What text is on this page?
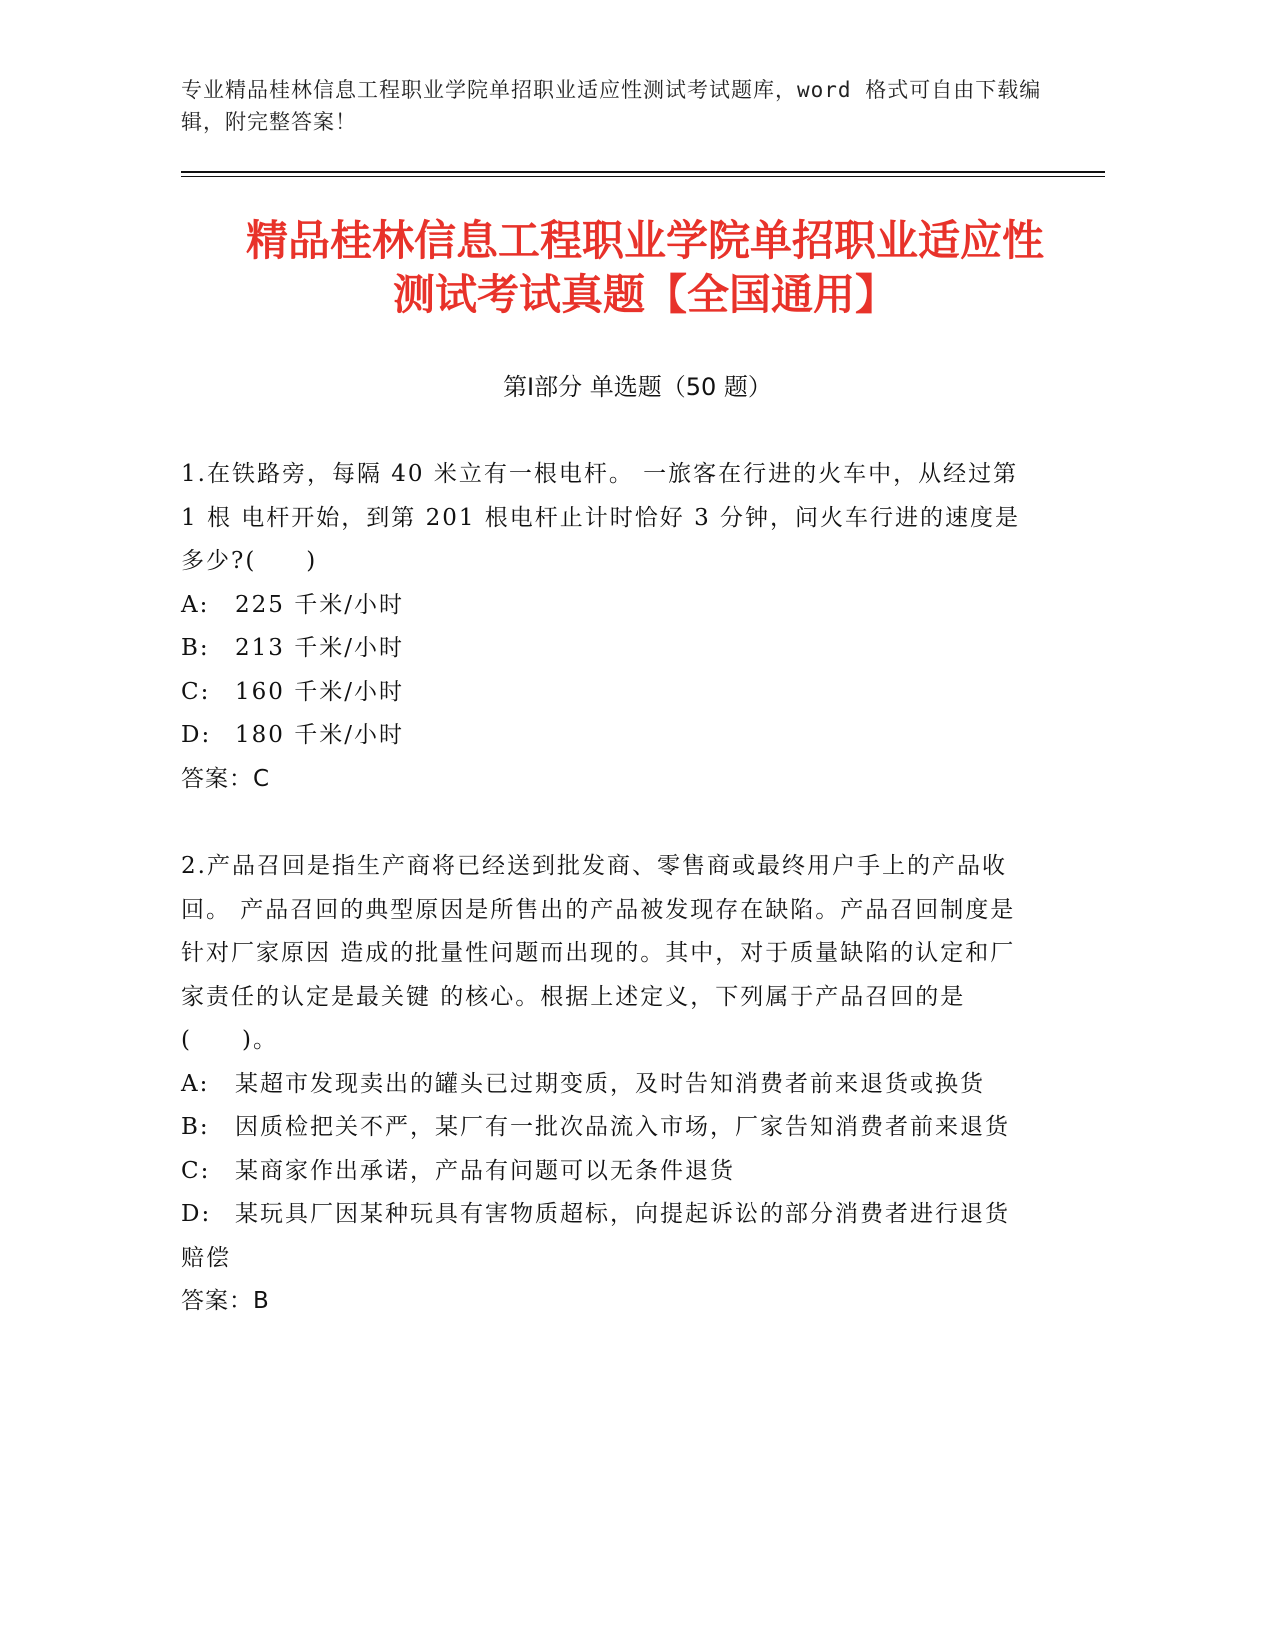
专业精品桂林信息工程职业学院单招职业适应性测试考试题库，word 格式可自由下载编辑，附完整答案！
精品桂林信息工程职业学院单招职业适应性
测试考试真题【全国通用】
第Ⅰ部分 单选题（50 题）

1.在铁路旁，每隔 40 米立有一根电杆。 一旅客在行进的火车中，从经过第 1 根 电杆开始，到第 201 根电杆止计时恰好 3 分钟，问火车行进的速度是多少?(　　)

A: 225 千米/小时

B: 213 千米/小时

C: 160 千米/小时

D: 180 千米/小时

答案：C

2.产品召回是指生产商将已经送到批发商、零售商或最终用户手上的产品收回。 产品召回的典型原因是所售出的产品被发现存在缺陷。产品召回制度是针对厂家原因 造成的批量性问题而出现的。其中，对于质量缺陷的认定和厂家责任的认定是最关键 的核心。根据上述定义，下列属于产品召回的是(　　)。

A: 某超市发现卖出的罐头已过期变质，及时告知消费者前来退货或换货

B: 因质检把关不严，某厂有一批次品流入市场，厂家告知消费者前来退货

C: 某商家作出承诺，产品有问题可以无条件退货

D: 某玩具厂因某种玩具有害物质超标，向提起诉讼的部分消费者进行退货赔偿

答案：B
